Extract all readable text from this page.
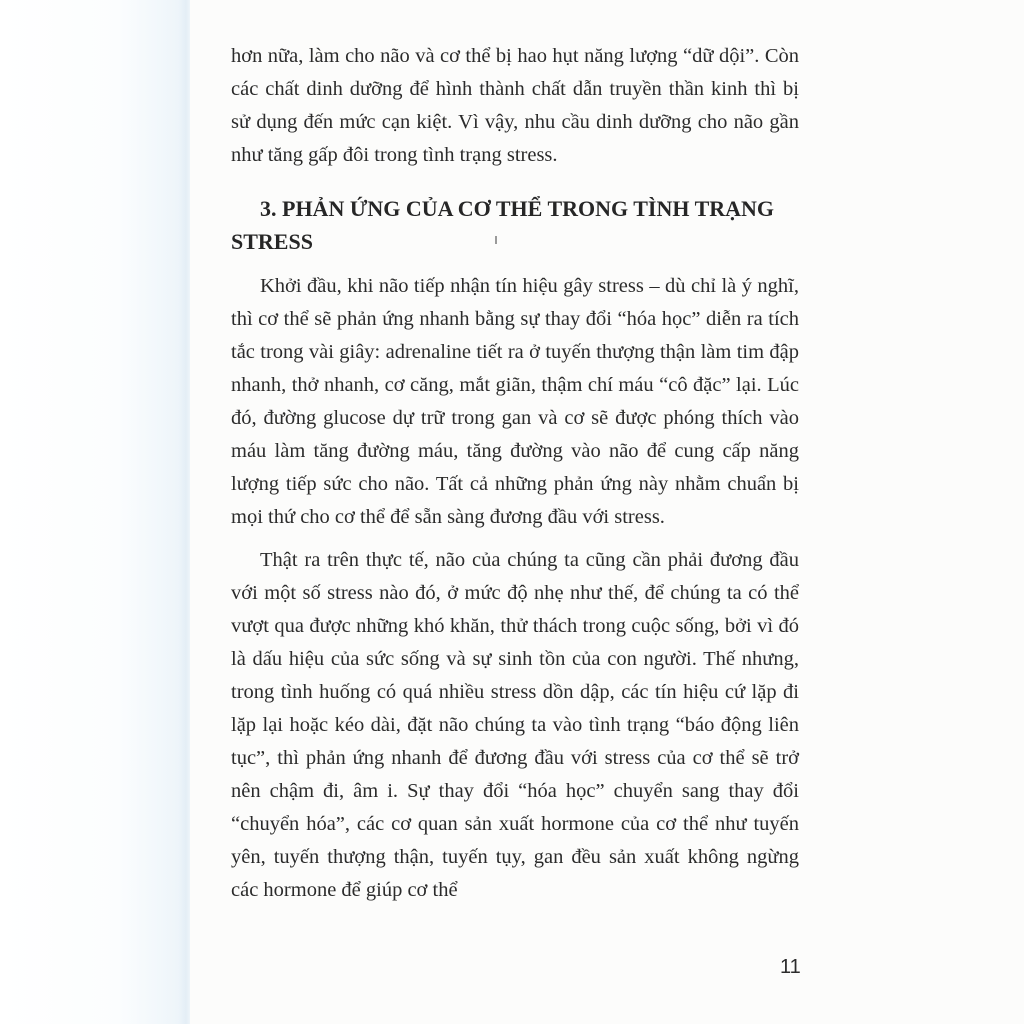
hơn nữa, làm cho não và cơ thể bị hao hụt năng lượng “dữ dội”. Còn các chất dinh dưỡng để hình thành chất dẫn truyền thần kinh thì bị sử dụng đến mức cạn kiệt. Vì vậy, nhu cầu dinh dưỡng cho não gần như tăng gấp đôi trong tình trạng stress.

3. PHẢN ỨNG CỦA CƠ THỂ TRONG TÌNH TRẠNG
STRESS

Khởi đầu, khi não tiếp nhận tín hiệu gây stress – dù chỉ là ý nghĩ, thì cơ thể sẽ phản ứng nhanh bằng sự thay đổi “hóa học” diễn ra tích tắc trong vài giây: adrenaline tiết ra ở tuyến thượng thận làm tim đập nhanh, thở nhanh, cơ căng, mắt giãn, thậm chí máu “cô đặc” lại. Lúc đó, đường glucose dự trữ trong gan và cơ sẽ được phóng thích vào máu làm tăng đường máu, tăng đường vào não để cung cấp năng lượng tiếp sức cho não. Tất cả những phản ứng này nhằm chuẩn bị mọi thứ cho cơ thể để sẵn sàng đương đầu với stress.

Thật ra trên thực tế, não của chúng ta cũng cần phải đương đầu với một số stress nào đó, ở mức độ nhẹ như thế, để chúng ta có thể vượt qua được những khó khăn, thử thách trong cuộc sống, bởi vì đó là dấu hiệu của sức sống và sự sinh tồn của con người. Thế nhưng, trong tình huống có quá nhiều stress dồn dập, các tín hiệu cứ lặp đi lặp lại hoặc kéo dài, đặt não chúng ta vào tình trạng “báo động liên tục”, thì phản ứng nhanh để đương đầu với stress của cơ thể sẽ trở nên chậm đi, âm i. Sự thay đổi “hóa học” chuyển sang thay đổi “chuyển hóa”, các cơ quan sản xuất hormone của cơ thể như tuyến yên, tuyến thượng thận, tuyến tụy, gan đều sản xuất không ngừng các hormone để giúp cơ thể

11
